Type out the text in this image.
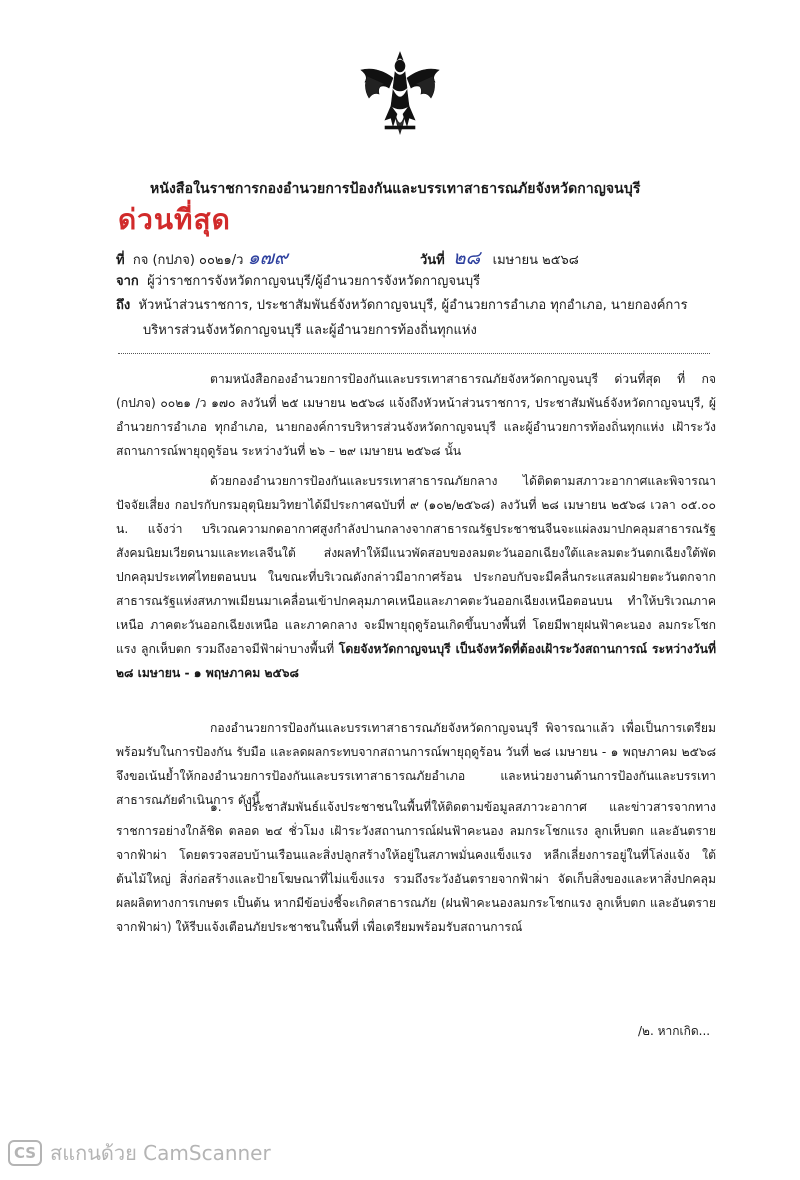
หนังสือในราชการกองอำนวยการป้องกันและบรรเทาสาธารณภัยจังหวัดกาญจนบุรี
ด่วนที่สุด
ที่ กจ (กปภจ) ๐๐๒๑/ว ๑๗๙	วันที่ ๒๘ เมษายน ๒๕๖๘
จาก ผู้ว่าราชการจังหวัดกาญจนบุรี/ผู้อำนวยการจังหวัดกาญจนบุรี
ถึง หัวหน้าส่วนราชการ, ประชาสัมพันธ์จังหวัดกาญจนบุรี, ผู้อำนวยการอำเภอ ทุกอำเภอ, นายกองค์การ
บริหารส่วนจังหวัดกาญจนบุรี และผู้อำนวยการท้องถิ่นทุกแห่ง
ตามหนังสือกองอำนวยการป้องกันและบรรเทาสาธารณภัยจังหวัดกาญจนบุรี ด่วนที่สุด ที่ กจ (กปภจ) ๐๐๒๑ /ว ๑๗๐ ลงวันที่ ๒๕ เมษายน ๒๕๖๘ แจ้งถึงหัวหน้าส่วนราชการ, ประชาสัมพันธ์จังหวัดกาญจนบุรี, ผู้อำนวยการอำเภอ ทุกอำเภอ, นายกองค์การบริหารส่วนจังหวัดกาญจนบุรี และผู้อำนวยการท้องถิ่นทุกแห่ง เฝ้าระวังสถานการณ์พายุฤดูร้อน ระหว่างวันที่ ๒๖ – ๒๙ เมษายน ๒๕๖๘ นั้น
ด้วยกองอำนวยการป้องกันและบรรเทาสาธารณภัยกลาง ได้ติดตามสภาวะอากาศและพิจารณาปัจจัยเสี่ยง กอปรกับกรมอุตุนิยมวิทยาได้มีประกาศฉบับที่ ๙ (๑๐๒/๒๕๖๘) ลงวันที่ ๒๘ เมษายน ๒๕๖๘ เวลา ๐๕.๐๐ น. แจ้งว่า บริเวณความกดอากาศสูงกำลังปานกลางจากสาธารณรัฐประชาชนจีนจะแผ่ลงมาปกคลุมสาธารณรัฐสังคมนิยมเวียดนามและทะเลจีนใต้ ส่งผลทำให้มีแนวพัดสอบของลมตะวันออกเฉียงใต้และลมตะวันตกเฉียงใต้พัดปกคลุมประเทศไทยตอนบน ในขณะที่บริเวณดังกล่าวมีอากาศร้อน ประกอบกับจะมีคลื่นกระแสลมฝ่ายตะวันตกจากสาธารณรัฐแห่งสหภาพเมียนมาเคลื่อนเข้าปกคลุมภาคเหนือและภาคตะวันออกเฉียงเหนือตอนบน ทำให้บริเวณภาคเหนือ ภาคตะวันออกเฉียงเหนือ และภาคกลาง จะมีพายุฤดูร้อนเกิดขึ้นบางพื้นที่ โดยมีพายุฝนฟ้าคะนอง ลมกระโชกแรง ลูกเห็บตก รวมถึงอาจมีฟ้าผ่าบางพื้นที่ โดยจังหวัดกาญจนบุรี เป็นจังหวัดที่ต้องเฝ้าระวังสถานการณ์ ระหว่างวันที่ ๒๘ เมษายน - ๑ พฤษภาคม ๒๕๖๘
กองอำนวยการป้องกันและบรรเทาสาธารณภัยจังหวัดกาญจนบุรี พิจารณาแล้ว เพื่อเป็นการเตรียมพร้อมรับในการป้องกัน รับมือ และลดผลกระทบจากสถานการณ์พายุฤดูร้อน วันที่ ๒๘ เมษายน - ๑ พฤษภาคม ๒๕๖๘ จึงขอเน้นย้ำให้กองอำนวยการป้องกันและบรรเทาสาธารณภัยอำเภอ และหน่วยงานด้านการป้องกันและบรรเทาสาธารณภัยดำเนินการ ดังนี้
๑. ประชาสัมพันธ์แจ้งประชาชนในพื้นที่ให้ติดตามข้อมูลสภาวะอากาศ และข่าวสารจากทางราชการอย่างใกล้ชิด ตลอด ๒๔ ชั่วโมง เฝ้าระวังสถานการณ์ฝนฟ้าคะนอง ลมกระโชกแรง ลูกเห็บตก และอันตรายจากฟ้าผ่า โดยตรวจสอบบ้านเรือนและสิ่งปลูกสร้างให้อยู่ในสภาพมั่นคงแข็งแรง หลีกเลี่ยงการอยู่ในที่โล่งแจ้ง ใต้ต้นไม้ใหญ่ สิ่งก่อสร้างและป้ายโฆษณาที่ไม่แข็งแรง รวมถึงระวังอันตรายจากฟ้าผ่า จัดเก็บสิ่งของและหาสิ่งปกคลุมผลผลิตทางการเกษตร เป็นต้น หากมีข้อบ่งชี้จะเกิดสาธารณภัย (ฝนฟ้าคะนองลมกระโชกแรง ลูกเห็บตก และอันตรายจากฟ้าผ่า) ให้รีบแจ้งเตือนภัยประชาชนในพื้นที่ เพื่อเตรียมพร้อมรับสถานการณ์
/๒. หากเกิด...
CS สแกนด้วย CamScanner
